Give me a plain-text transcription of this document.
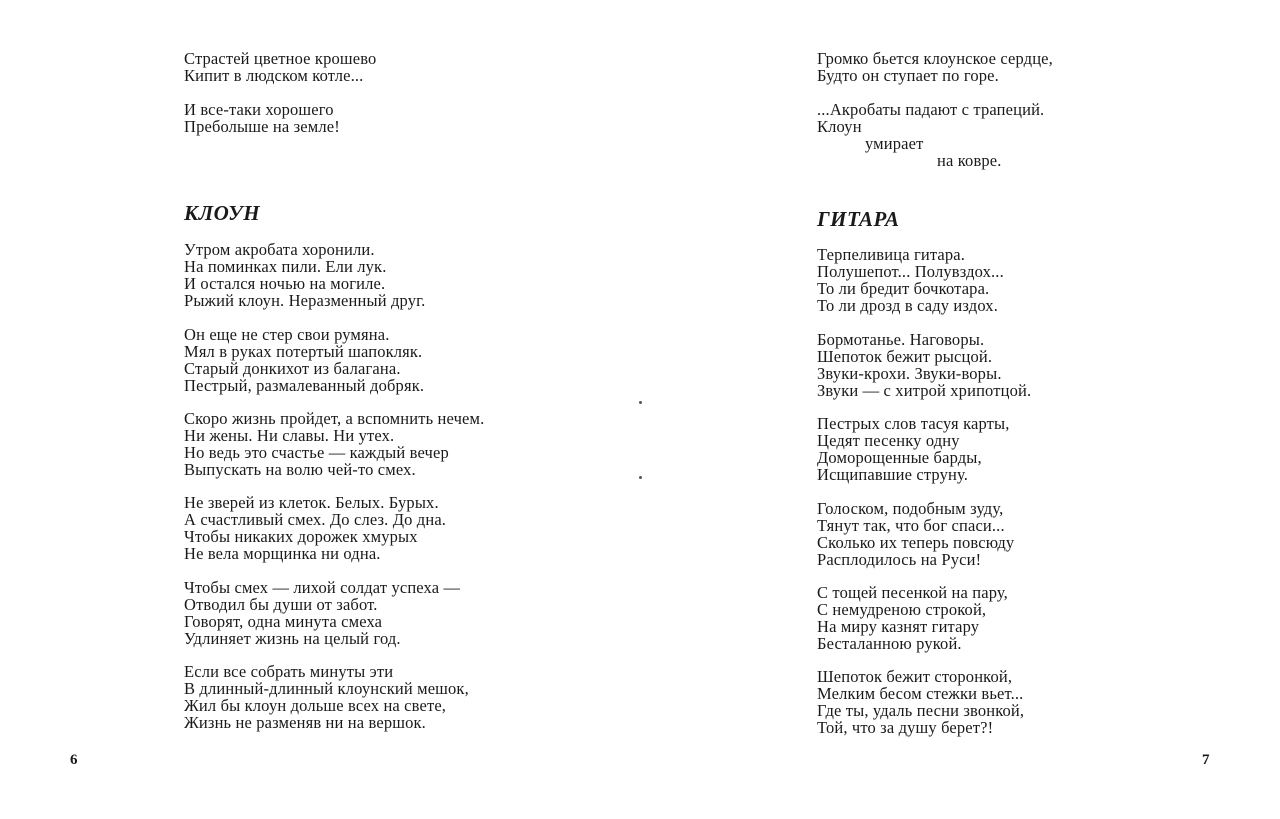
Страстей цветное крошево
Кипит в людском котле...
И все-таки хорошего
Преболыше на земле!
КЛОУН
Утром акробата хоронили.
На поминках пили. Ели лук.
И остался ночью на могиле.
Рыжий клоун. Неразменный друг.
Он еще не стер свои румяна.
Мял в руках потертый шапокляк.
Старый донкихот из балагана.
Пестрый, размалеванный добряк.
Скоро жизнь пройдет, а вспомнить нечем.
Ни жены. Ни славы. Ни утех.
Но ведь это счастье — каждый вечер
Выпускать на волю чей-то смех.
Не зверей из клеток. Белых. Бурых.
А счастливый смех. До слез. До дна.
Чтобы никаких дорожек хмурых
Не вела морщинка ни одна.
Чтобы смех — лихой солдат успеха —
Отводил бы души от забот.
Говорят, одна минута смеха
Удлиняет жизнь на целый год.
Если все собрать минуты эти
В длинный-длинный клоунский мешок,
Жил бы клоун дольше всех на свете,
Жизнь не разменяв ни на вершок.
6
Громко бьется клоунское сердце,
Будто он ступает по горе.
...Акробаты падают с трапеций.
Клоун
умирает
на ковре.
ГИТАРА
Терпеливица гитара.
Полушепот... Полувздох...
То ли бредит бочкотара.
То ли дрозд в саду издох.
Бормотанье. Наговоры.
Шепоток бежит рысцой.
Звуки-крохи. Звуки-воры.
Звуки — с хитрой хрипотцой.
Пестрых слов тасуя карты,
Цедят песенку одну
Доморощенные барды,
Исщипавшие струну.
Голоском, подобным зуду,
Тянут так, что бог спаси...
Сколько их теперь повсюду
Расплодилось на Руси!
С тощей песенкой на пару,
С немудреною строкой,
На миру казнят гитару
Бесталанною рукой.
Шепоток бежит сторонкой,
Мелким бесом стежки вьет...
Где ты, удаль песни звонкой,
Той, что за душу берет?!
7
